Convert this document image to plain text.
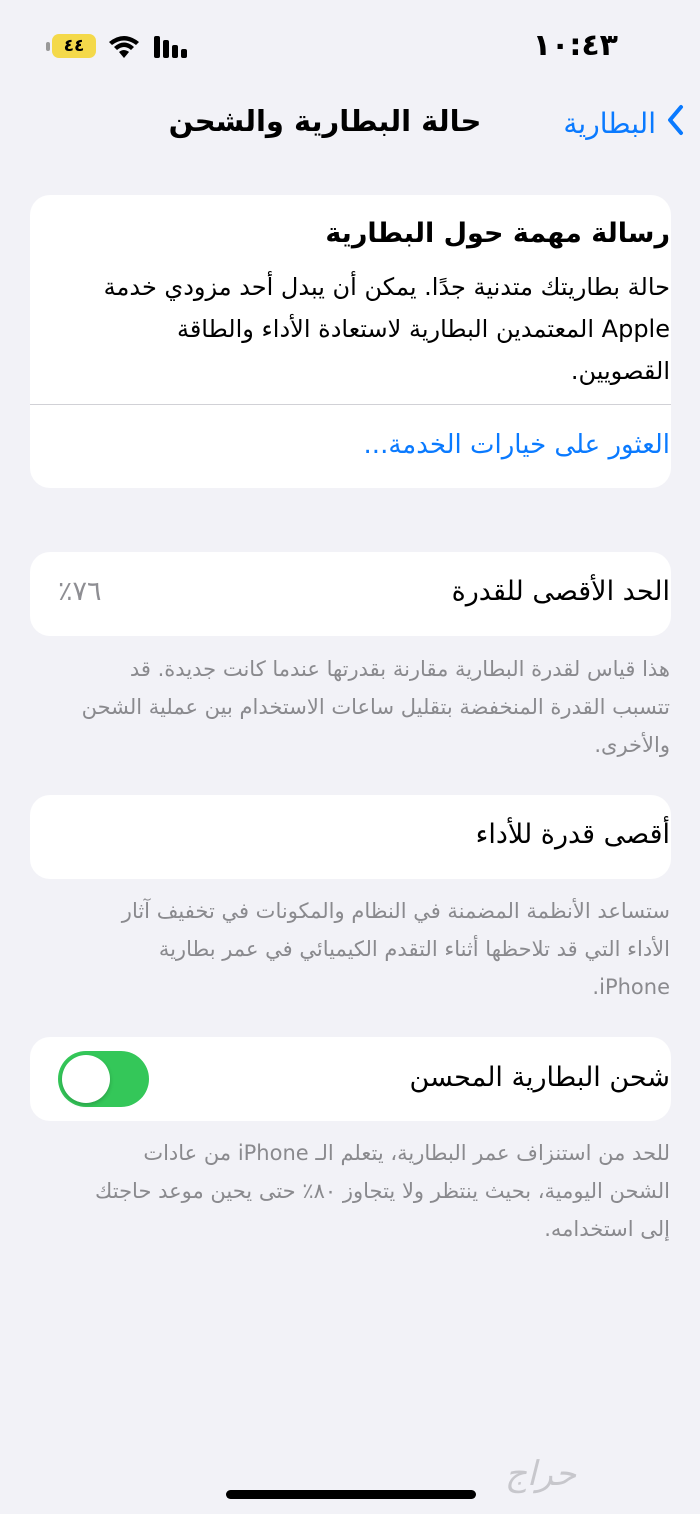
١٠:٤٣
٤٤
حالة البطارية والشحن	البطارية
رسالة مهمة حول البطارية
حالة بطاريتك متدنية جدًا. يمكن أن يبدل أحد مزودي خدمة Apple المعتمدين البطارية لاستعادة الأداء والطاقة القصويين.
العثور على خيارات الخدمة...
الحد الأقصى للقدرة
٧٦٪
هذا قياس لقدرة البطارية مقارنة بقدرتها عندما كانت جديدة. قد تتسبب القدرة المنخفضة بتقليل ساعات الاستخدام بين عملية الشحن والأخرى.
أقصى قدرة للأداء
ستساعد الأنظمة المضمنة في النظام والمكونات في تخفيف آثار الأداء التي قد تلاحظها أثناء التقدم الكيميائي في عمر بطارية iPhone.
شحن البطارية المحسن
للحد من استنزاف عمر البطارية، يتعلم الـ iPhone من عادات الشحن اليومية، بحيث ينتظر ولا يتجاوز ٨٠٪ حتى يحين موعد حاجتك إلى استخدامه.
حراج
